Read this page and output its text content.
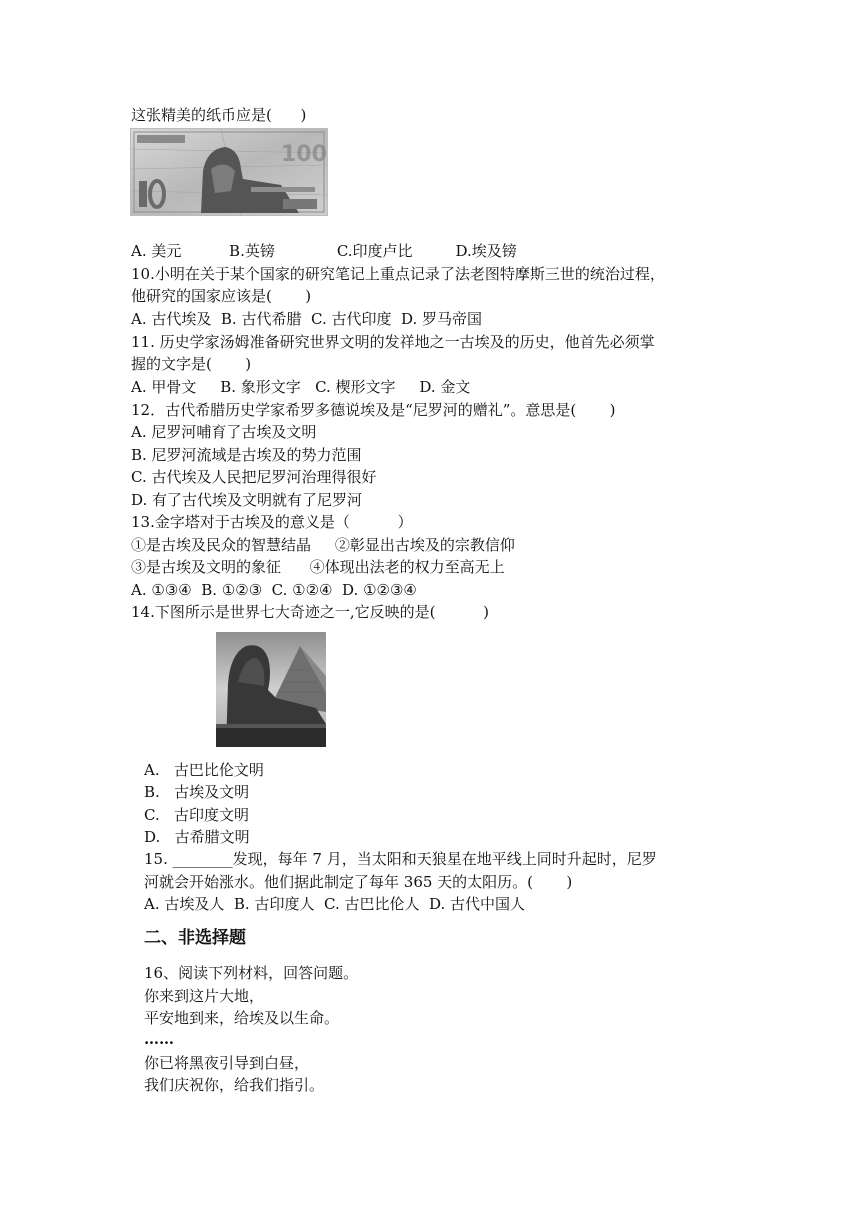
这张精美的纸币应是(      )

100

A. 美元          B.英镑             C.印度卢比         D.埃及镑

10.小明在关于某个国家的研究笔记上重点记录了法老图特摩斯三世的统治过程，

他研究的国家应该是(       )

A. 古代埃及  B. 古代希腊  C. 古代印度  D. 罗马帝国

11. 历史学家汤姆准备研究世界文明的发祥地之一古埃及的历史，他首先必须掌

握的文字是(       )

A. 甲骨文     B. 象形文字   C. 楔形文字     D. 金文

12．古代希腊历史学家希罗多德说埃及是“尼罗河的赠礼”。意思是(       )

A. 尼罗河哺育了古埃及文明

B. 尼罗河流域是古埃及的势力范围

C. 古代埃及人民把尼罗河治理得很好

D. 有了古代埃及文明就有了尼罗河

13.金字塔对于古埃及的意义是（          ）

①是古埃及民众的智慧结晶     ②彰显出古埃及的宗教信仰

③是古埃及文明的象征      ④体现出法老的权力至高无上

A. ①③④  B. ①②③  C. ①②④  D. ①②③④

14.下图所示是世界七大奇迹之一,它反映的是(          )

A.   古巴比伦文明

B.   古埃及文明

C.   古印度文明

D.   古希腊文明

15. ________发现，每年 7 月，当太阳和天狼星在地平线上同时升起时，尼罗

河就会开始涨水。他们据此制定了每年 365 天的太阳历。(       )

A. 古埃及人  B. 古印度人  C. 古巴比伦人  D. 古代中国人

二、非选择题

16、阅读下列材料，回答问题。

你来到这片大地，

平安地到来，给埃及以生命。

……

你已将黑夜引导到白昼，

我们庆祝你，给我们指引。
